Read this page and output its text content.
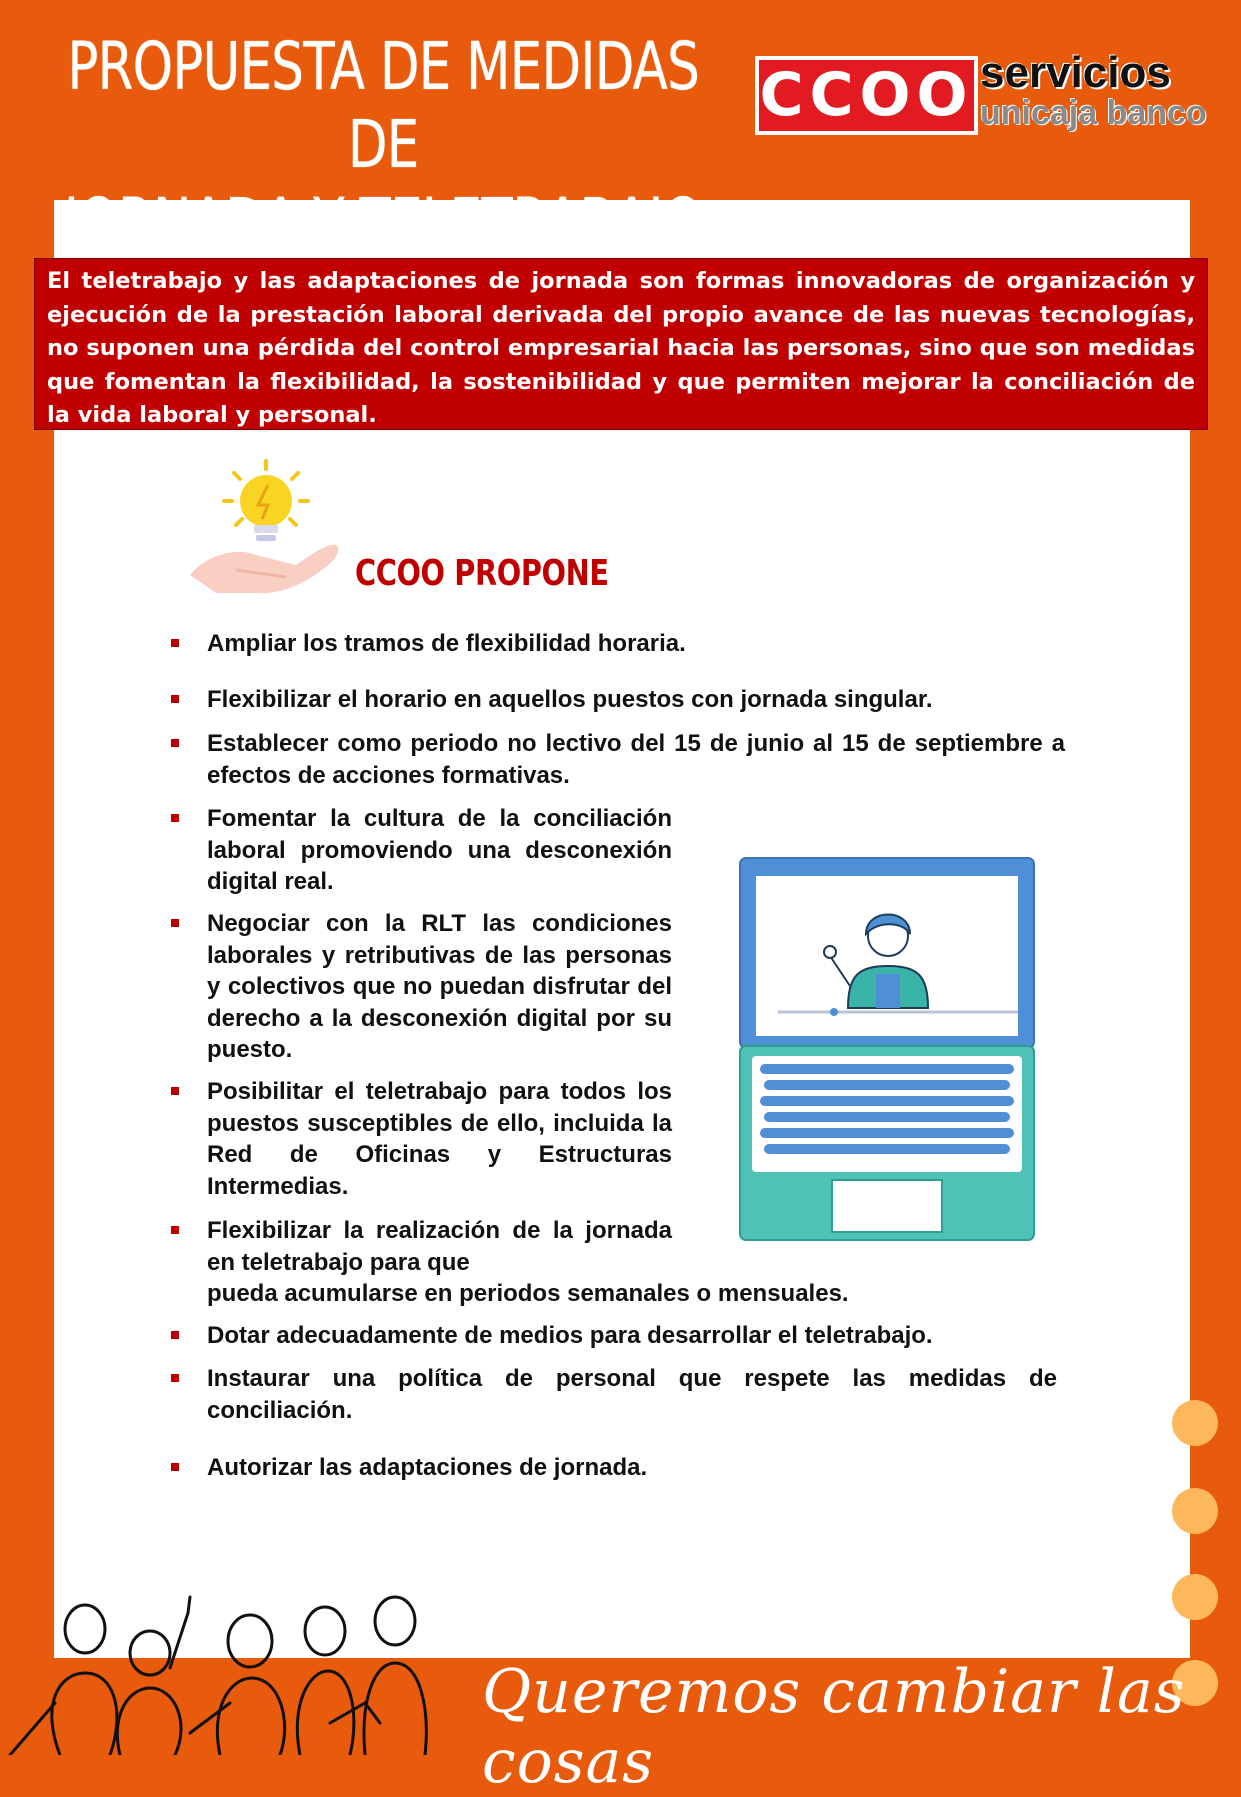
PROPUESTA DE MEDIDAS DE
CCOO servicios
unicaja banco
El teletrabajo y las adaptaciones de jornada son formas innovadoras de organización y ejecución de la prestación laboral derivada del propio avance de las nuevas tecnologías, no suponen una pérdida del control empresarial hacia las personas, sino que son medidas que fomentan la flexibilidad, la sostenibilidad y que permiten mejorar la conciliación de la vida laboral y personal.
CCOO PROPONE
Ampliar los tramos de flexibilidad horaria.
Flexibilizar el horario en aquellos puestos con jornada singular.
Establecer como periodo no lectivo del 15 de junio al 15 de septiembre a efectos de acciones formativas.
Fomentar la cultura de la conciliación laboral promoviendo una desconexión digital real.
Negociar con la RLT las condiciones laborales y retributivas de las personas y colectivos que no puedan disfrutar del derecho a la desconexión digital por su puesto.
Posibilitar el teletrabajo para todos los puestos susceptibles de ello, incluida la Red de Oficinas y Estructuras Intermedias.
Flexibilizar la realización de la jornada en teletrabajo para que
pueda acumularse en periodos semanales o mensuales.
Dotar adecuadamente de medios para desarrollar el teletrabajo.
Instaurar una política de personal que respete las medidas de conciliación.
Autorizar las adaptaciones de jornada.
Queremos cambiar las cosas
